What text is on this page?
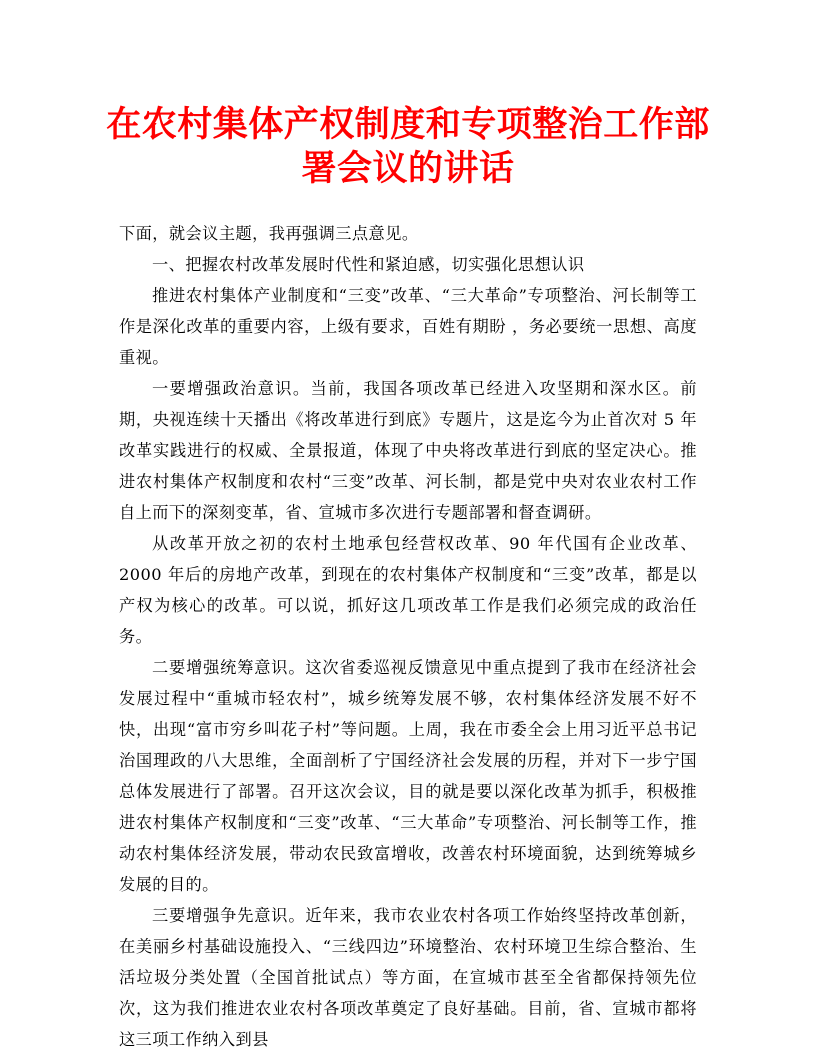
在农村集体产权制度和专项整治工作部
署会议的讲话

下面，就会议主题，我再强调三点意见。

一、把握农村改革发展时代性和紧迫感，切实强化思想认识

推进农村集体产业制度和“三变”改革、“三大革命”专项整治、河长制等工作是深化改革的重要内容，上级有要求，百姓有期盼 ，务必要统一思想、高度重视。

一要增强政治意识。当前，我国各项改革已经进入攻坚期和深水区。前期，央视连续十天播出《将改革进行到底》专题片，这是迄今为止首次对 5 年改革实践进行的权威、全景报道，体现了中央将改革进行到底的坚定决心。推进农村集体产权制度和农村“三变”改革、河长制，都是党中央对农业农村工作自上而下的深刻变革，省、宣城市多次进行专题部署和督查调研。

从改革开放之初的农村土地承包经营权改革、90 年代国有企业改革、2000 年后的房地产改革，到现在的农村集体产权制度和“三变”改革，都是以产权为核心的改革。可以说，抓好这几项改革工作是我们必须完成的政治任务。

二要增强统筹意识。这次省委巡视反馈意见中重点提到了我市在经济社会发展过程中“重城市轻农村”，城乡统筹发展不够，农村集体经济发展不好不快，出现“富市穷乡叫花子村”等问题。上周，我在市委全会上用习近平总书记治国理政的八大思维，全面剖析了宁国经济社会发展的历程，并对下一步宁国总体发展进行了部署。召开这次会议，目的就是要以深化改革为抓手，积极推进农村集体产权制度和“三变”改革、“三大革命”专项整治、河长制等工作，推动农村集体经济发展，带动农民致富增收，改善农村环境面貌，达到统筹城乡发展的目的。

三要增强争先意识。近年来，我市农业农村各项工作始终坚持改革创新，在美丽乡村基础设施投入、“三线四边”环境整治、农村环境卫生综合整治、生活垃圾分类处置（全国首批试点）等方面，在宣城市甚至全省都保持领先位次，这为我们推进农业农村各项改革奠定了良好基础。目前，省、宣城市都将这三项工作纳入到县
